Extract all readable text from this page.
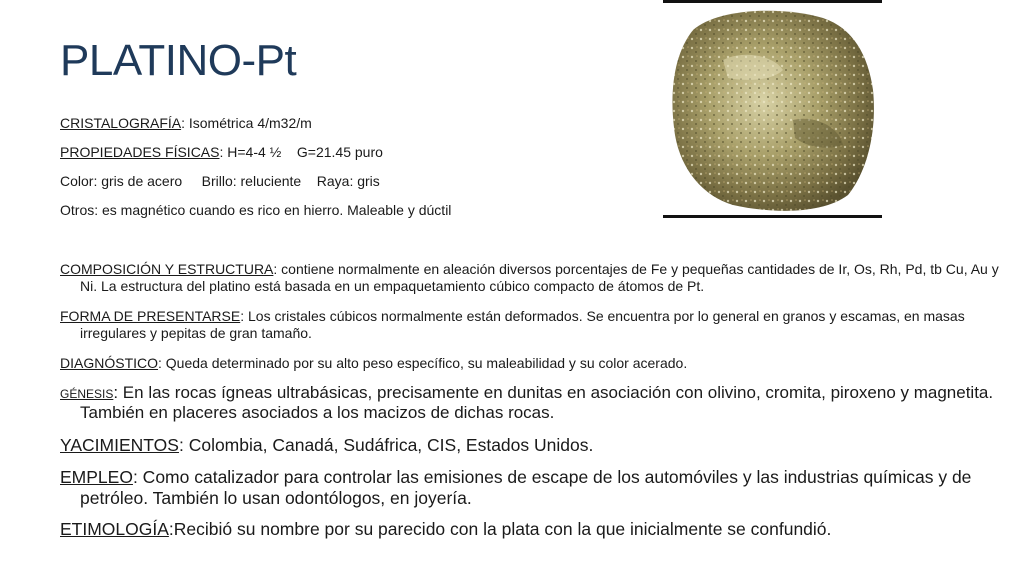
PLATINO-Pt

CRISTALOGRAFÍA: Isométrica 4/m32/m

PROPIEDADES FÍSICAS: H=4-4 ½    G=21.45 puro

Color: gris de acero     Brillo: reluciente    Raya: gris

Otros: es magnético cuando es rico en hierro. Maleable y dúctil

COMPOSICIÓN Y ESTRUCTURA: contiene normalmente en aleación diversos porcentajes de Fe y pequeñas cantidades de Ir, Os, Rh, Pd, tb Cu, Au y Ni. La estructura del platino está basada en un empaquetamiento cúbico compacto de átomos de Pt.

FORMA DE PRESENTARSE: Los cristales cúbicos normalmente están deformados. Se encuentra por lo general en granos y escamas, en masas irregulares y pepitas de gran tamaño.

DIAGNÓSTICO: Queda determinado por su alto peso específico, su maleabilidad y su color acerado.

GÉNESIS: En las rocas ígneas ultrabásicas, precisamente en dunitas en asociación con olivino, cromita, piroxeno y magnetita. También en placeres asociados a los macizos de dichas rocas.

YACIMIENTOS: Colombia, Canadá, Sudáfrica, CIS, Estados Unidos.

EMPLEO: Como catalizador para controlar las emisiones de escape de los automóviles y las industrias químicas y de petróleo. También lo usan odontólogos, en joyería.

ETIMOLOGÍA:Recibió su nombre por su parecido con la plata con la que inicialmente se confundió.
